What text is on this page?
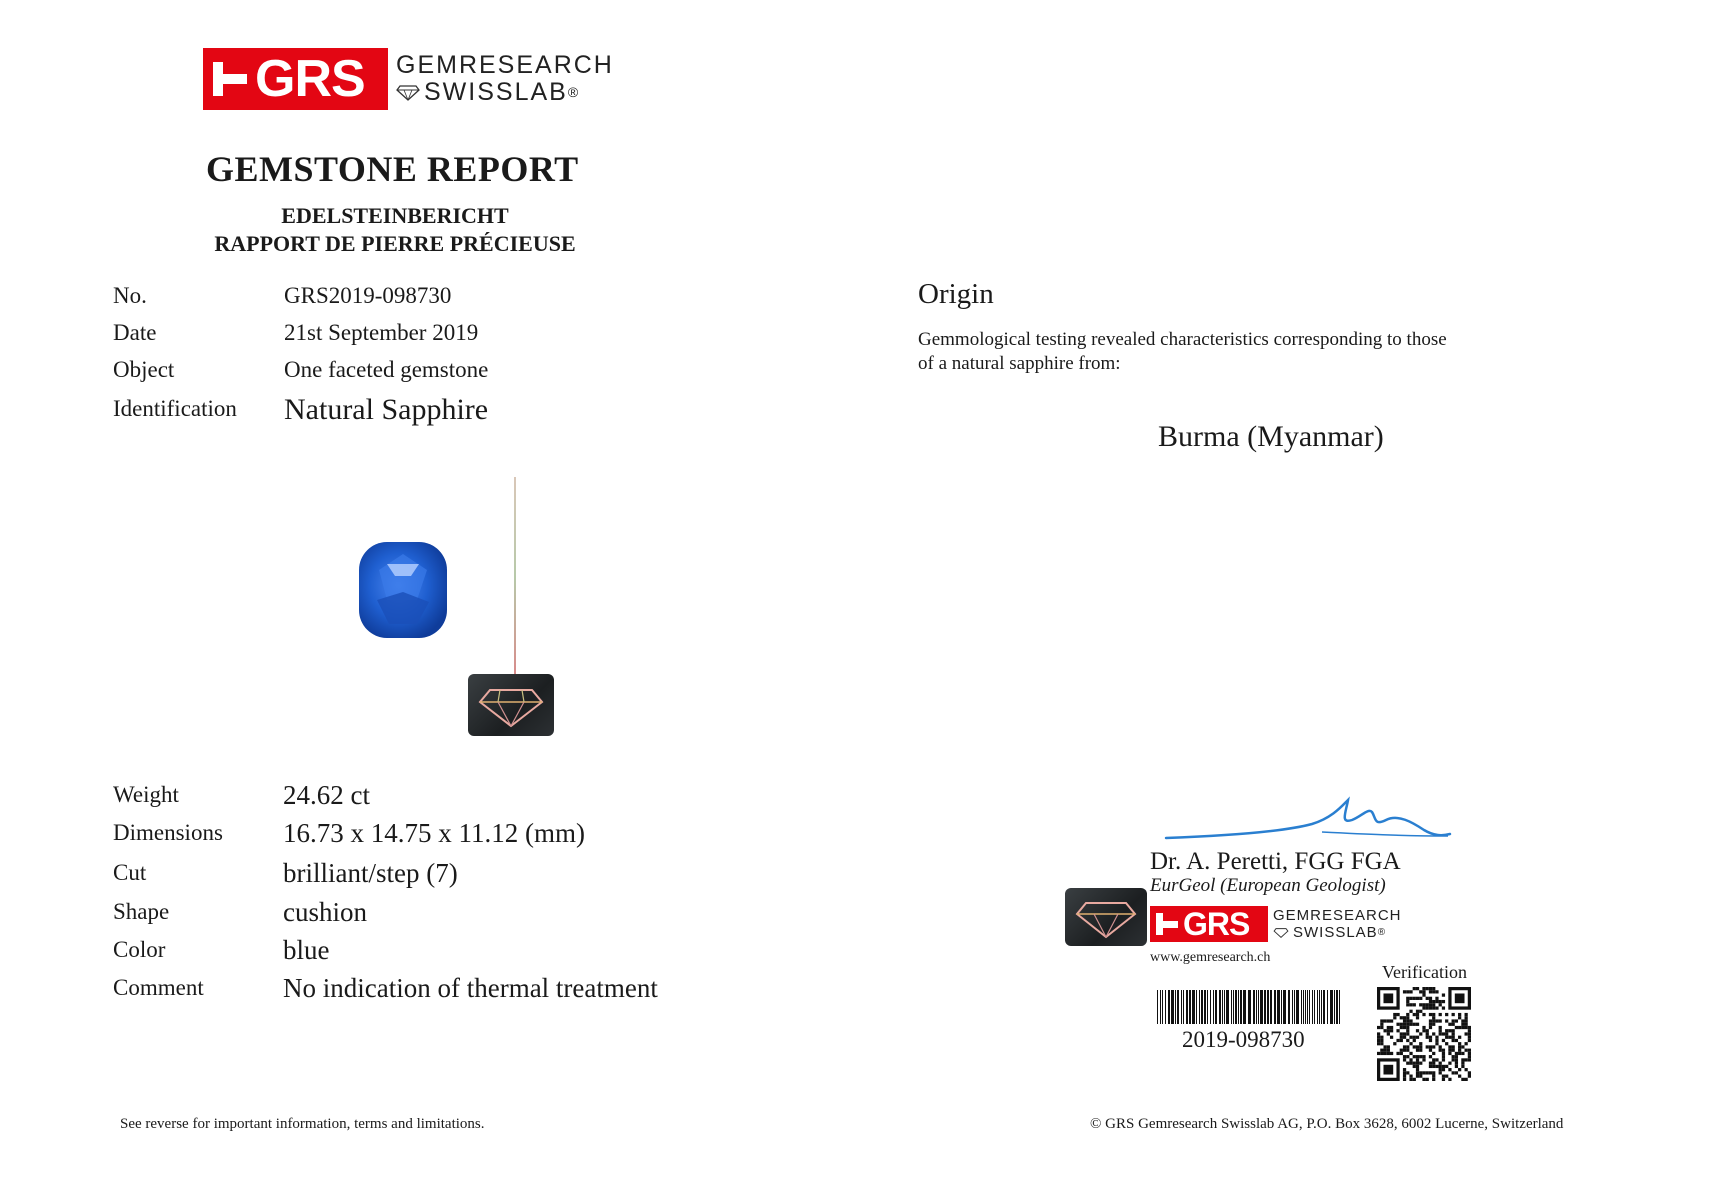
GRS GEMRESEARCH
SWISSLAB ®
GEMSTONE REPORT
EDELSTEINBERICHT
RAPPORT DE PIERRE PRÉCIEUSE
No.	GRS2019-098730
Date	21st September 2019
Object	One faceted gemstone
Identification Natural Sapphire
Weight	24.62 ct
Dimensions 16.73 x 14.75 x 11.12 (mm)
Cut	brilliant/step (7)
Shape	cushion
Color	blue
Comment	No indication of thermal treatment
Origin
Gemmological testing revealed characteristics corresponding to those
of a natural sapphire from:
Burma (Myanmar)
Dr. A. Peretti, FGG FGA
EurGeol (European Geologist)
GRS GEMRESEARCH
SWISSLAB ®
www.gemresearch.ch
Verification
2019-098730
See reverse for important information, terms and limitations.	© GRS Gemresearch Swisslab AG, P.O. Box 3628, 6002 Lucerne, Switzerland
